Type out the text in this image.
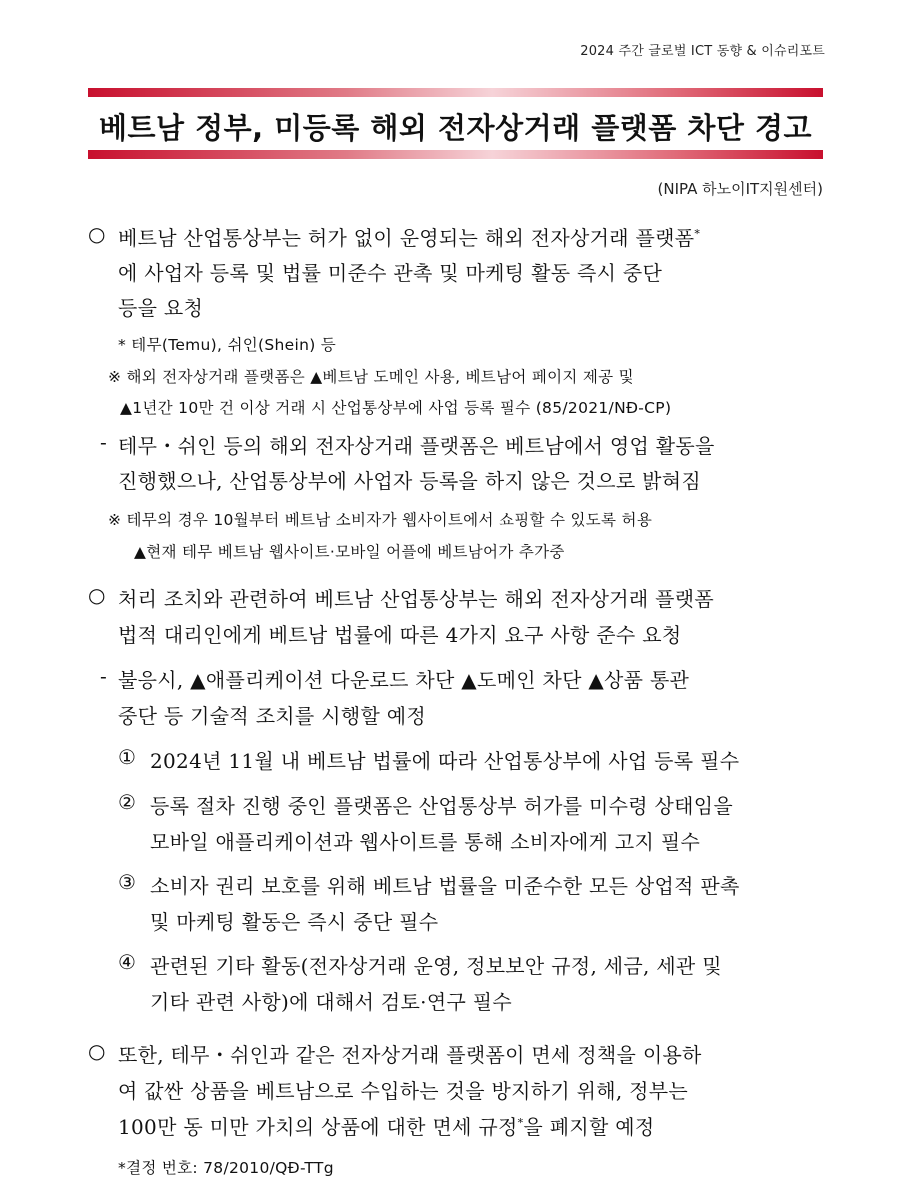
2024 주간 글로벌 ICT 동향 & 이슈리포트
베트남 정부, 미등록 해외 전자상거래 플랫폼 차단 경고
(NIPA 하노이IT지원센터)
○ 베트남 산업통상부는 허가 없이 운영되는 해외 전자상거래 플랫폼*
에 사업자 등록 및 법률 미준수 관촉 및 마케팅 활동 즉시 중단
등을 요청
* 테무(Temu), 쉬인(Shein) 등
※ 해외 전자상거래 플랫폼은 ▲베트남 도메인 사용, 베트남어 페이지 제공 및
▲1년간 10만 건 이상 거래 시 산업통상부에 사업 등록 필수 (85/2021/NĐ-CP)
- 테무・쉬인 등의 해외 전자상거래 플랫폼은 베트남에서 영업 활동을
진행했으나, 산업통상부에 사업자 등록을 하지 않은 것으로 밝혀짐
※ 테무의 경우 10월부터 베트남 소비자가 웹사이트에서 쇼핑할 수 있도록 허용
▲현재 테무 베트남 웹사이트·모바일 어플에 베트남어가 추가중
○ 처리 조치와 관련하여 베트남 산업통상부는 해외 전자상거래 플랫폼
법적 대리인에게 베트남 법률에 따른 4가지 요구 사항 준수 요청
- 불응시, ▲애플리케이션 다운로드 차단 ▲도메인 차단 ▲상품 통관
중단 등 기술적 조치를 시행할 예정
① 2024년 11월 내 베트남 법률에 따라 산업통상부에 사업 등록 필수
② 등록 절차 진행 중인 플랫폼은 산업통상부 허가를 미수령 상태임을
모바일 애플리케이션과 웹사이트를 통해 소비자에게 고지 필수
③ 소비자 권리 보호를 위해 베트남 법률을 미준수한 모든 상업적 판촉
및 마케팅 활동은 즉시 중단 필수
④ 관련된 기타 활동(전자상거래 운영, 정보보안 규정, 세금, 세관 및
기타 관련 사항)에 대해서 검토·연구 필수
○ 또한, 테무・쉬인과 같은 전자상거래 플랫폼이 면세 정책을 이용하
여 값싼 상품을 베트남으로 수입하는 것을 방지하기 위해, 정부는
100만 동 미만 가치의 상품에 대한 면세 규정*을 폐지할 예정
*결정 번호: 78/2010/QĐ-TTg
